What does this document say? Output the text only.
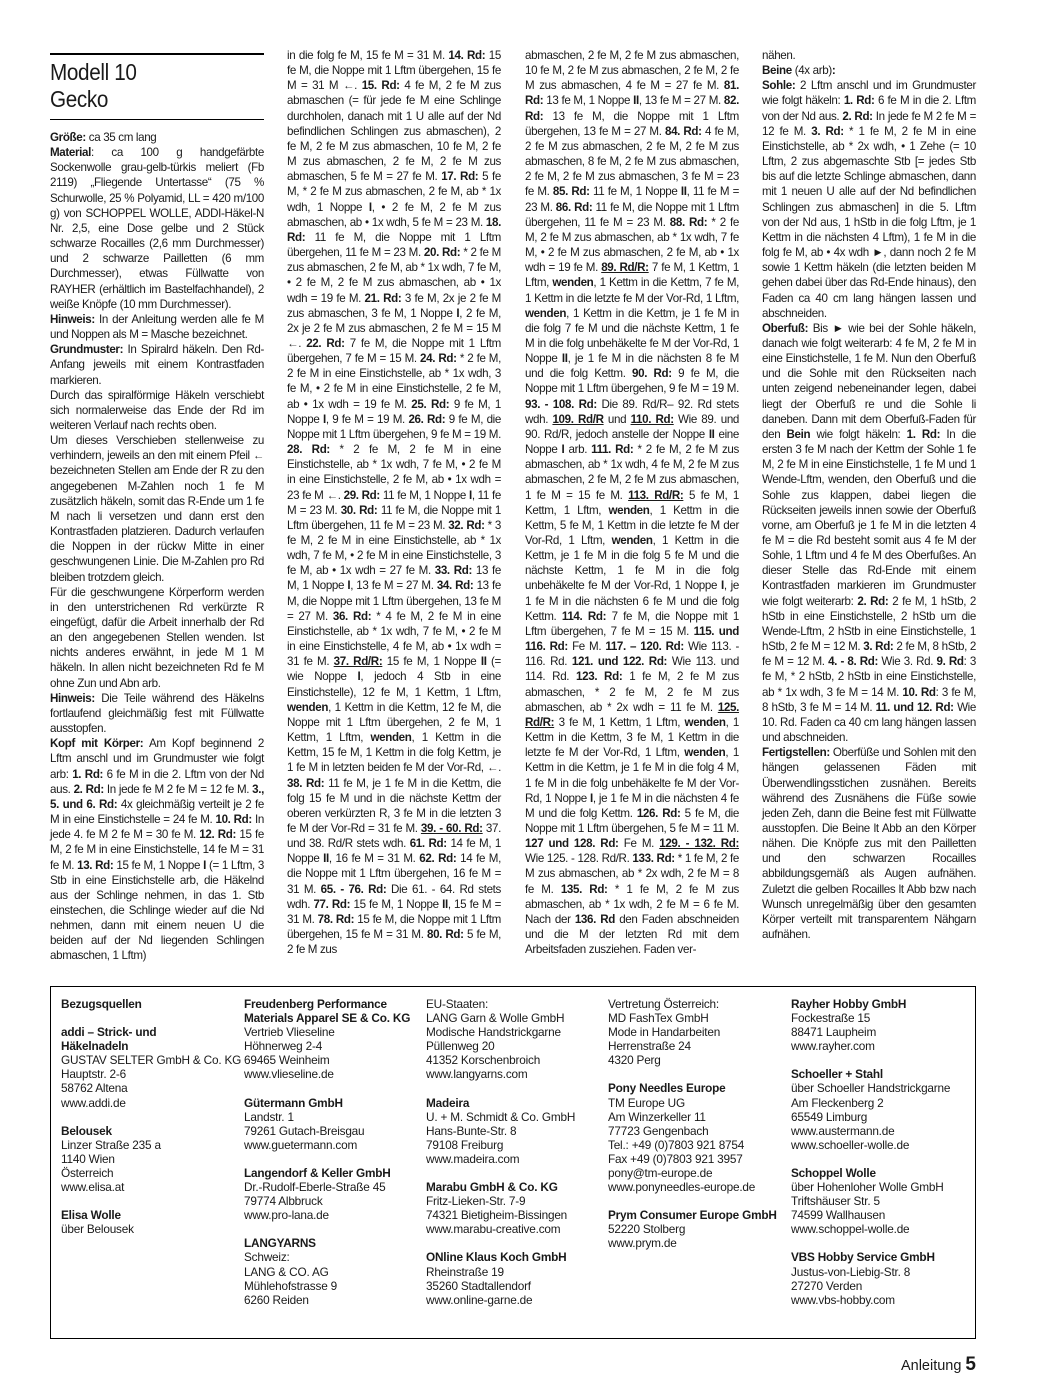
Modell 10
Gecko

Größe: ca 35 cm lang
Material: ca 100 g handgefärbte Sockenwolle grau-gelb-türkis meliert (Fb 2119) „Fliegende Untertasse“ (75 % Schurwolle, 25 % Polyamid, LL = 420 m/100 g) von SCHOPPEL WOLLE, ADDI-Häkel-N Nr. 2,5, eine Dose gelbe und 2 Stück schwarze Rocailles (2,6 mm Durchmesser) und 2 schwarze Pailletten (6 mm Durchmesser), etwas Füllwatte von RAYHER (erhältlich im Bastelfachhandel), 2 weiße Knöpfe (10 mm Durchmesser).
Hinweis: In der Anleitung werden alle fe M und Noppen als M = Masche bezeichnet.
Grundmuster: In Spiralrd häkeln. Den Rd-Anfang jeweils mit einem Kontrastfaden markieren.
Durch das spiralförmige Häkeln verschiebt sich normalerweise das Ende der Rd im weiteren Verlauf nach rechts oben.
Um dieses Verschieben stellenweise zu verhindern, jeweils an den mit einem Pfeil ← bezeichneten Stellen am Ende der R zu den angegebenen M-Zahlen noch 1 fe M zusätzlich häkeln, somit das R-Ende um 1 fe M nach li versetzen und dann erst den Kontrastfaden platzieren. Dadurch verlaufen die Noppen in der rückw Mitte in einer geschwungenen Linie. Die M-Zahlen pro Rd bleiben trotzdem gleich.
Für die geschwungene Körperform werden in den unterstrichenen Rd verkürzte R eingefügt, dafür die Arbeit innerhalb der Rd an den angegebenen Stellen wenden. Ist nichts anderes erwähnt, in jede M 1 M häkeln. In allen nicht bezeichneten Rd fe M ohne Zun und Abn arb.
Hinweis: Die Teile während des Häkelns fortlaufend gleichmäßig fest mit Füllwatte ausstopfen.
Kopf mit Körper: Am Kopf beginnend 2 Lftm anschl und im Grundmuster wie folgt arb: 1. Rd: 6 fe M in die 2. Lftm von der Nd aus. 2. Rd: In jede fe M 2 fe M = 12 fe M. 3., 5. und 6. Rd: 4x gleichmäßig verteilt je 2 fe M in eine Einstichstelle = 24 fe M. 10. Rd: In jede 4. fe M 2 fe M = 30 fe M. 12. Rd: 15 fe M, 2 fe M in eine Einstichstelle, 14 fe M = 31 fe M. 13. Rd: 15 fe M, 1 Noppe I (= 1 Lftm, 3 Stb in eine Einstichstelle arb, die Häkelnd aus der Schlinge nehmen, in das 1. Stb einstechen, die Schlinge wieder auf die Nd nehmen, dann mit einem neuen U die beiden auf der Nd liegenden Schlingen abmaschen, 1 Lftm)

in die folg fe M, 15 fe M = 31 M. 14. Rd: 15 fe M, die Noppe mit 1 Lftm übergehen, 15 fe M = 31 M ←. 15. Rd: 4 fe M, 2 fe M zus abmaschen (= für jede fe M eine Schlinge durchholen, danach mit 1 U alle auf der Nd befindlichen Schlingen zus abmaschen), 2 fe M, 2 fe M zus abmaschen, 10 fe M, 2 fe M zus abmaschen, 2 fe M, 2 fe M zus abmaschen, 5 fe M = 27 fe M. 17. Rd: 5 fe M, * 2 fe M zus abmaschen, 2 fe M, ab * 1x wdh, 1 Noppe I, • 2 fe M, 2 fe M zus abmaschen, ab • 1x wdh, 5 fe M = 23 M. 18. Rd: 11 fe M, die Noppe mit 1 Lftm übergehen, 11 fe M = 23 M. 20. Rd: * 2 fe M zus abmaschen, 2 fe M, ab * 1x wdh, 7 fe M, • 2 fe M, 2 fe M zus abmaschen, ab • 1x wdh = 19 fe M. 21. Rd: 3 fe M, 2x je 2 fe M zus abmaschen, 3 fe M, 1 Noppe I, 2 fe M, 2x je 2 fe M zus abmaschen, 2 fe M = 15 M ←. 22. Rd: 7 fe M, die Noppe mit 1 Lftm übergehen, 7 fe M = 15 M. 24. Rd: * 2 fe M, 2 fe M in eine Einstichstelle, ab * 1x wdh, 3 fe M, • 2 fe M in eine Einstichstelle, 2 fe M, ab • 1x wdh = 19 fe M. 25. Rd: 9 fe M, 1 Noppe I, 9 fe M = 19 M. 26. Rd: 9 fe M, die Noppe mit 1 Lftm übergehen, 9 fe M = 19 M. 28. Rd: * 2 fe M, 2 fe M in eine Einstichstelle, ab * 1x wdh, 7 fe M, • 2 fe M in eine Einstichstelle, 2 fe M, ab • 1x wdh = 23 fe M ←. 29. Rd: 11 fe M, 1 Noppe I, 11 fe M = 23 M. 30. Rd: 11 fe M, die Noppe mit 1 Lftm übergehen, 11 fe M = 23 M. 32. Rd: * 3 fe M, 2 fe M in eine Einstichstelle, ab * 1x wdh, 7 fe M, • 2 fe M in eine Einstichstelle, 3 fe M, ab • 1x wdh = 27 fe M. 33. Rd: 13 fe M, 1 Noppe I, 13 fe M = 27 M. 34. Rd: 13 fe M, die Noppe mit 1 Lftm übergehen, 13 fe M = 27 M. 36. Rd: * 4 fe M, 2 fe M in eine Einstichstelle, ab * 1x wdh, 7 fe M, • 2 fe M in eine Einstichstelle, 4 fe M, ab • 1x wdh = 31 fe M. 37. Rd/R: 15 fe M, 1 Noppe II (= wie Noppe I, jedoch 4 Stb in eine Einstichstelle), 12 fe M, 1 Kettm, 1 Lftm, wenden, 1 Kettm in die Kettm, 12 fe M, die Noppe mit 1 Lftm übergehen, 2 fe M, 1 Kettm, 1 Lftm, wenden, 1 Kettm in die Kettm, 15 fe M, 1 Kettm in die folg Kettm, je 1 fe M in letzten beiden fe M der Vor-Rd, ←. 38. Rd: 11 fe M, je 1 fe M in die Kettm, die folg 15 fe M und in die nächste Kettm der oberen verkürzten R, 3 fe M in die letzten 3 fe M der Vor-Rd = 31 fe M. 39. - 60. Rd: 37. und 38. Rd/R stets wdh. 61. Rd: 14 fe M, 1 Noppe II, 16 fe M = 31 M. 62. Rd: 14 fe M, die Noppe mit 1 Lftm übergehen, 16 fe M = 31 M. 65. - 76. Rd: Die 61. - 64. Rd stets wdh. 77. Rd: 15 fe M, 1 Noppe II, 15 fe M = 31 M. 78. Rd: 15 fe M, die Noppe mit 1 Lftm übergehen, 15 fe M = 31 M. 80. Rd: 5 fe M, 2 fe M zus

abmaschen, 2 fe M, 2 fe M zus abmaschen, 10 fe M, 2 fe M zus abmaschen, 2 fe M, 2 fe M zus abmaschen, 4 fe M = 27 fe M. 81. Rd: 13 fe M, 1 Noppe II, 13 fe M = 27 M. 82. Rd: 13 fe M, die Noppe mit 1 Lftm übergehen, 13 fe M = 27 M. 84. Rd: 4 fe M, 2 fe M zus abmaschen, 2 fe M, 2 fe M zus abmaschen, 8 fe M, 2 fe M zus abmaschen, 2 fe M, 2 fe M zus abmaschen, 3 fe M = 23 fe M. 85. Rd: 11 fe M, 1 Noppe II, 11 fe M = 23 M. 86. Rd: 11 fe M, die Noppe mit 1 Lftm übergehen, 11 fe M = 23 M. 88. Rd: * 2 fe M, 2 fe M zus abmaschen, ab * 1x wdh, 7 fe M, • 2 fe M zus abmaschen, 2 fe M, ab • 1x wdh = 19 fe M. 89. Rd/R: 7 fe M, 1 Kettm, 1 Lftm, wenden, 1 Kettm in die Kettm, 7 fe M, 1 Kettm in die letzte fe M der Vor-Rd, 1 Lftm, wenden, 1 Kettm in die Kettm, je 1 fe M in die folg 7 fe M und die nächste Kettm, 1 fe M in die folg unbehäkelte fe M der Vor-Rd, 1 Noppe II, je 1 fe M in die nächsten 8 fe M und die folg Kettm. 90. Rd: 9 fe M, die Noppe mit 1 Lftm übergehen, 9 fe M = 19 M. 93. - 108. Rd: Die 89. Rd/R– 92. Rd stets wdh. 109. Rd/R und 110. Rd: Wie 89. und 90. Rd/R, jedoch anstelle der Noppe II eine Noppe I arb. 111. Rd: * 2 fe M, 2 fe M zus abmaschen, ab * 1x wdh, 4 fe M, 2 fe M zus abmaschen, 2 fe M, 2 fe M zus abmaschen, 1 fe M = 15 fe M. 113. Rd/R: 5 fe M, 1 Kettm, 1 Lftm, wenden, 1 Kettm in die Kettm, 5 fe M, 1 Kettm in die letzte fe M der Vor-Rd, 1 Lftm, wenden, 1 Kettm in die Kettm, je 1 fe M in die folg 5 fe M und die nächste Kettm, 1 fe M in die folg unbehäkelte fe M der Vor-Rd, 1 Noppe I, je 1 fe M in die nächsten 6 fe M und die folg Kettm. 114. Rd: 7 fe M, die Noppe mit 1 Lftm übergehen, 7 fe M = 15 M. 115. und 116. Rd: Fe M. 117. – 120. Rd: Wie 113. - 116. Rd. 121. und 122. Rd: Wie 113. und 114. Rd. 123. Rd: 1 fe M, 2 fe M zus abmaschen, * 2 fe M, 2 fe M zus abmaschen, ab * 2x wdh = 11 fe M. 125. Rd/R: 3 fe M, 1 Kettm, 1 Lftm, wenden, 1 Kettm in die Kettm, 3 fe M, 1 Kettm in die letzte fe M der Vor-Rd, 1 Lftm, wenden, 1 Kettm in die Kettm, je 1 fe M in die folg 4 M, 1 fe M in die folg unbehäkelte fe M der Vor-Rd, 1 Noppe I, je 1 fe M in die nächsten 4 fe M und die folg Kettm. 126. Rd: 5 fe M, die Noppe mit 1 Lftm übergehen, 5 fe M = 11 M. 127 und 128. Rd: Fe M. 129. - 132. Rd: Wie 125. - 128. Rd/R. 133. Rd: * 1 fe M, 2 fe M zus abmaschen, ab * 2x wdh, 2 fe M = 8 fe M. 135. Rd: * 1 fe M, 2 fe M zus abmaschen, ab * 1x wdh, 2 fe M = 6 fe M. Nach der 136. Rd den Faden abschneiden und die M der letzten Rd mit dem Arbeitsfaden zusziehen. Faden ver-

nähen.
Beine (4x arb):
Sohle: 2 Lftm anschl und im Grundmuster wie folgt häkeln: 1. Rd: 6 fe M in die 2. Lftm von der Nd aus. 2. Rd: In jede fe M 2 fe M = 12 fe M. 3. Rd: * 1 fe M, 2 fe M in eine Einstichstelle, ab * 2x wdh, • 1 Zehe (= 10 Lftm, 2 zus abgemaschte Stb [= jedes Stb bis auf die letzte Schlinge abmaschen, dann mit 1 neuen U alle auf der Nd befindlichen Schlingen zus abmaschen] in die 5. Lftm von der Nd aus, 1 hStb in die folg Lftm, je 1 Kettm in die nächsten 4 Lftm), 1 fe M in die folg fe M, ab • 4x wdh ►, dann noch 2 fe M sowie 1 Kettm häkeln (die letzten beiden M gehen dabei über das Rd-Ende hinaus), den Faden ca 40 cm lang hängen lassen und abschneiden.
Oberfuß: Bis ► wie bei der Sohle häkeln, danach wie folgt weiterarb: 4 fe M, 2 fe M in eine Einstichstelle, 1 fe M. Nun den Oberfuß und die Sohle mit den Rückseiten nach unten zeigend nebeneinander legen, dabei liegt der Oberfuß re und die Sohle li daneben. Dann mit dem Oberfuß-Faden für den Bein wie folgt häkeln: 1. Rd: In die ersten 3 fe M nach der Kettm der Sohle 1 fe M, 2 fe M in eine Einstichstelle, 1 fe M und 1 Wende-Lftm, wenden, den Oberfuß und die Sohle zus klappen, dabei liegen die Rückseiten jeweils innen sowie der Oberfuß vorne, am Oberfuß je 1 fe M in die letzten 4 fe M = die Rd besteht somit aus 4 fe M der Sohle, 1 Lftm und 4 fe M des Oberfußes. An dieser Stelle das Rd-Ende mit einem Kontrastfaden markieren im Grundmuster wie folgt weiterarb: 2. Rd: 2 fe M, 1 hStb, 2 hStb in eine Einstichstelle, 2 hStb um die Wende-Lftm, 2 hStb in eine Einstichstelle, 1 hStb, 2 fe M = 12 M. 3. Rd: 2 fe M, 8 hStb, 2 fe M = 12 M. 4. - 8. Rd: Wie 3. Rd. 9. Rd: 3 fe M, * 2 hStb, 2 hStb in eine Einstichstelle, ab * 1x wdh, 3 fe M = 14 M. 10. Rd: 3 fe M, 8 hStb, 3 fe M = 14 M. 11. und 12. Rd: Wie 10. Rd. Faden ca 40 cm lang hängen lassen und abschneiden.
Fertigstellen: Oberfüße und Sohlen mit den hängen gelassenen Fäden mit Überwendlingsstichen zusnähen. Bereits während des Zusnähens die Füße sowie jeden Zeh, dann die Beine fest mit Füllwatte ausstopfen. Die Beine lt Abb an den Körper nähen. Die Knöpfe zus mit den Pailletten und den schwarzen Rocailles abbildungsgemäß als Augen aufnähen. Zuletzt die gelben Rocailles lt Abb bzw nach Wunsch unregelmäßig über den gesamten Körper verteilt mit transparentem Nähgarn aufnähen.

Bezugsquellen
addi – Strick- und
Häkelnadeln
GUSTAV SELTER GmbH & Co. KG
Hauptstr. 2-6
58762 Altena
www.addi.de
Belousek
Linzer Straße 235 a
1140 Wien
Österreich
www.elisa.at
Elisa Wolle
über Belousek
Freudenberg Performance
Materials Apparel SE & Co. KG
Vertrieb Vlieseline
Höhnerweg 2-4
69465 Weinheim
www.vlieseline.de
Gütermann GmbH
Landstr. 1
79261 Gutach-Breisgau
www.guetermann.com
Langendorf & Keller GmbH
Dr.-Rudolf-Eberle-Straße 45
79774 Albbruck
www.pro-lana.de
LANGYARNS
Schweiz:
LANG & CO. AG
Mühlehofstrasse 9
6260 Reiden
EU-Staaten:
LANG Garn & Wolle GmbH
Modische Handstrickgarne
Püllenweg 20
41352 Korschenbroich
www.langyarns.com
Madeira
U. + M. Schmidt & Co. GmbH
Hans-Bunte-Str. 8
79108 Freiburg
www.madeira.com
Marabu GmbH & Co. KG
Fritz-Lieken-Str. 7-9
74321 Bietigheim-Bissingen
www.marabu-creative.com
ONline Klaus Koch GmbH
Rheinstraße 19
35260 Stadtallendorf
www.online-garne.de
Vertretung Österreich:
MD FashTex GmbH
Mode in Handarbeiten
Herrenstraße 24
4320 Perg
Pony Needles Europe
TM Europe UG
Am Winzerkeller 11
77723 Gengenbach
Tel.: +49 (0)7803 921 8754
Fax +49 (0)7803 921 3957
pony@tm-europe.de
www.ponyneedles-europe.de
Prym Consumer Europe GmbH
52220 Stolberg
www.prym.de
Rayher Hobby GmbH
Fockestraße 15
88471 Laupheim
www.rayher.com
Schoeller + Stahl
über Schoeller Handstrickgarne
Am Fleckenberg 2
65549 Limburg
www.austermann.de
www.schoeller-wolle.de
Schoppel Wolle
über Hohenloher Wolle GmbH
Triftshäuser Str. 5
74599 Wallhausen
www.schoppel-wolle.de
VBS Hobby Service GmbH
Justus-von-Liebig-Str. 8
27270 Verden
www.vbs-hobby.com
Anleitung 5
